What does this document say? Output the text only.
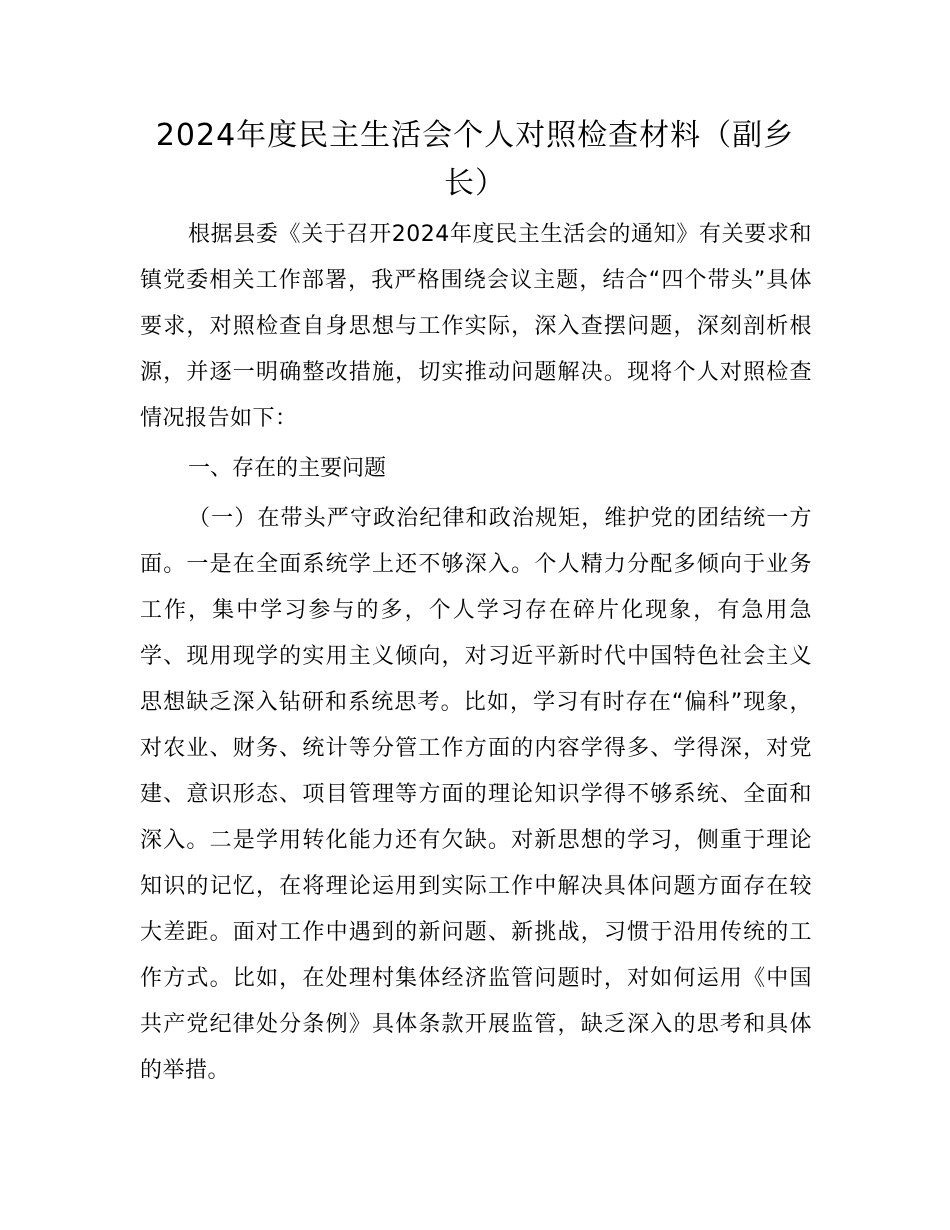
2024年度民主生活会个人对照检查材料（副乡长）

根据县委《关于召开2024年度民主生活会的通知》有关要求和镇党委相关工作部署，我严格围绕会议主题，结合“四个带头”具体要求，对照检查自身思想与工作实际，深入查摆问题，深刻剖析根源，并逐一明确整改措施，切实推动问题解决。现将个人对照检查情况报告如下：

一、存在的主要问题

（一）在带头严守政治纪律和政治规矩，维护党的团结统一方面。一是在全面系统学上还不够深入。个人精力分配多倾向于业务工作，集中学习参与的多，个人学习存在碎片化现象，有急用急学、现用现学的实用主义倾向，对习近平新时代中国特色社会主义思想缺乏深入钻研和系统思考。比如，学习有时存在“偏科”现象，对农业、财务、统计等分管工作方面的内容学得多、学得深，对党建、意识形态、项目管理等方面的理论知识学得不够系统、全面和深入。二是学用转化能力还有欠缺。对新思想的学习，侧重于理论知识的记忆，在将理论运用到实际工作中解决具体问题方面存在较大差距。面对工作中遇到的新问题、新挑战，习惯于沿用传统的工作方式。比如，在处理村集体经济监管问题时，对如何运用《中国共产党纪律处分条例》具体条款开展监管，缺乏深入的思考和具体的举措。
